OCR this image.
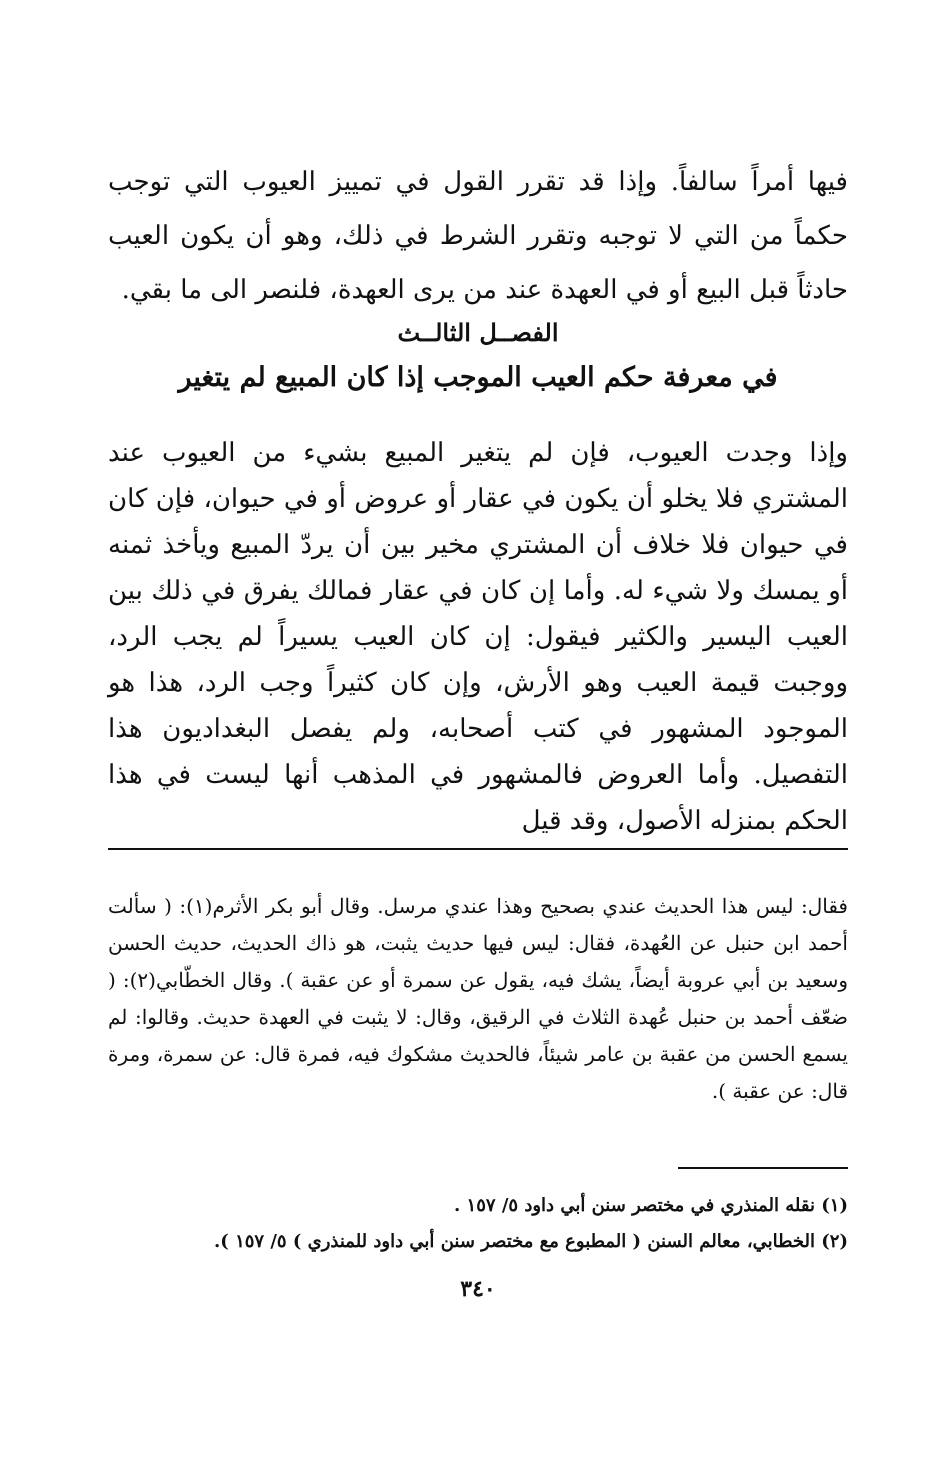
فيها أمراً سالفاً. وإذا قد تقرر القول في تمييز العيوب التي توجب حكماً من التي لا توجبه وتقرر الشرط في ذلك، وهو أن يكون العيب حادثاً قبل البيع أو في العهدة عند من يرى العهدة، فلنصر الى ما بقي.

الفصــل الثالــث
في معرفة حكم العيب الموجب إذا كان المبيع لم يتغير

وإذا وجدت العيوب، فإن لم يتغير المبيع بشيء من العيوب عند المشتري فلا يخلو أن يكون في عقار أو عروض أو في حيوان، فإن كان في حيوان فلا خلاف أن المشتري مخير بين أن يردّ المبيع ويأخذ ثمنه أو يمسك ولا شيء له. وأما إن كان في عقار فمالك يفرق في ذلك بين العيب اليسير والكثير فيقول: إن كان العيب يسيراً لم يجب الرد، ووجبت قيمة العيب وهو الأرش، وإن كان كثيراً وجب الرد، هذا هو الموجود المشهور في كتب أصحابه، ولم يفصل البغداديون هذا التفصيل. وأما العروض فالمشهور في المذهب أنها ليست في هذا الحكم بمنزله الأصول، وقد قيل

فقال: ليس هذا الحديث عندي بصحيح وهذا عندي مرسل. وقال أبو بكر الأثرم(١): ( سألت أحمد ابن حنبل عن العُهدة، فقال: ليس فيها حديث يثبت، هو ذاك الحديث، حديث الحسن وسعيد بن أبي عروبة أيضاً، يشك فيه، يقول عن سمرة أو عن عقبة ). وقال الخطّابي(٢): ( ضعّف أحمد بن حنبل عُهدة الثلاث في الرقيق، وقال: لا يثبت في العهدة حديث. وقالوا: لم يسمع الحسن من عقبة بن عامر شيئاً، فالحديث مشكوك فيه، فمرة قال: عن سمرة، ومرة قال: عن عقبة ).

(١) نقله المنذري في مختصر سنن أبي داود ٥/ ١٥٧ .
(٢) الخطابي، معالم السنن ( المطبوع مع مختصر سنن أبي داود للمنذري ) ٥/ ١٥٧ ).
٣٤٠
